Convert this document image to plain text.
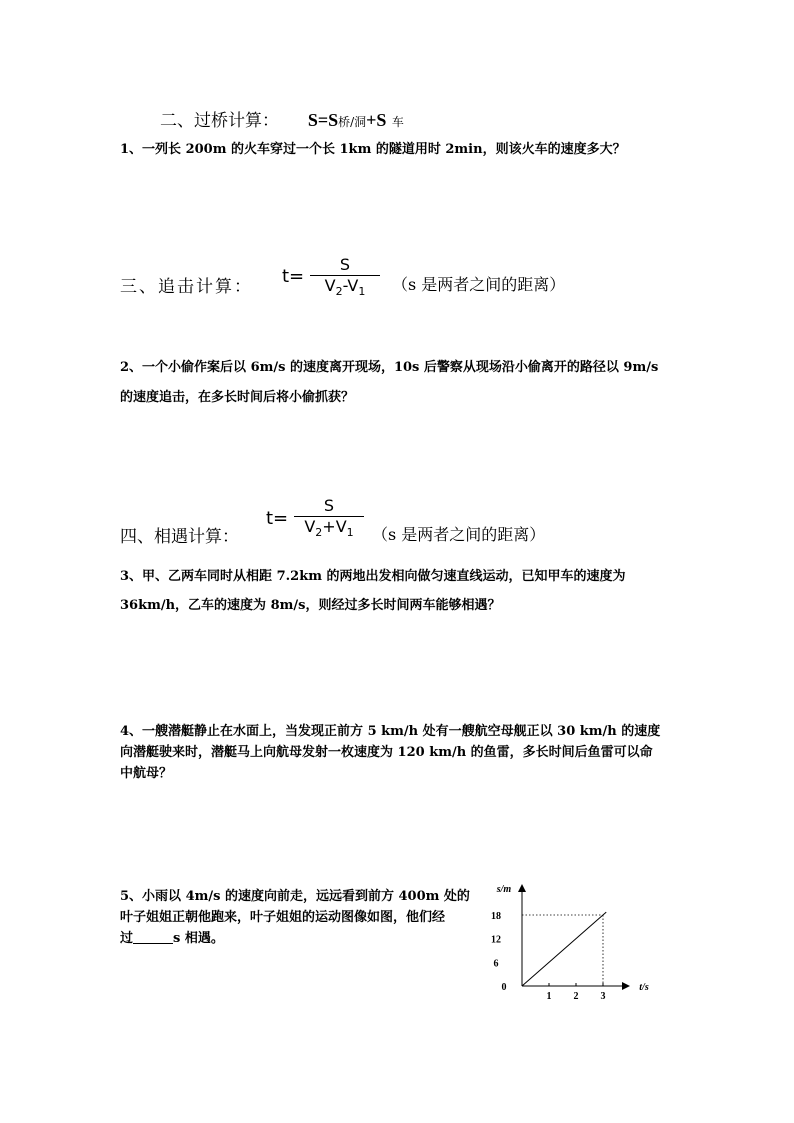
二、过桥计算： S=S桥/洞+S 车
1、一列长 200m 的火车穿过一个长 1km 的隧道用时 2min，则该火车的速度多大？
三、追击计算： t=
S
$V_2-V_1$	（s 是两者之间的距离）
2、一个小偷作案后以 6m/s 的速度离开现场，10s 后警察从现场沿小偷离开的路径以 9m/s
的速度追击，在多长时间后将小偷抓获？
四、相遇计算：
t=
S
$V_2+V_1$	（s 是两者之间的距离）
3、甲、乙两车同时从相距 7.2km 的两地出发相向做匀速直线运动，已知甲车的速度为
36km/h，乙车的速度为 8m/s，则经过多长时间两车能够相遇？
4、一艘潜艇静止在水面上，当发现正前方 5 km/h 处有一艘航空母舰正以 30 km/h 的速度
向潜艇驶来时，潜艇马上向航母发射一枚速度为 120 km/h 的鱼雷，多长时间后鱼雷可以命
中航母？
5、小雨以 4m/s 的速度向前走，远远看到前方 400m 处的
叶子姐姐正朝他跑来，叶子姐姐的运动图像如图，他们经
过	s 相遇。
s/m
t/s
0
1 2 3
6
12
18
